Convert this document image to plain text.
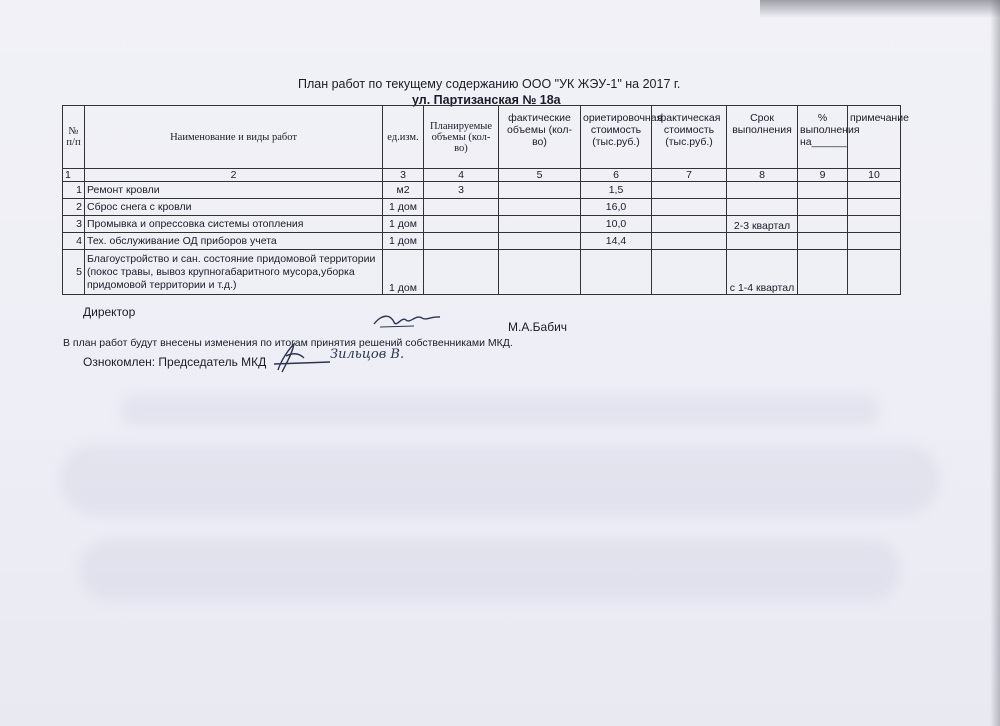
План работ по текущему содержанию ООО "УК ЖЭУ-1" на 2017 г.
ул. Партизанская № 18а
№ п/п	Наименование и виды работ	ед.изм.	Планируемые объемы (кол-во)	фактические объемы (кол-во)	ориетировочная стоимость (тыс.руб.)	фактическая стоимость (тыс.руб.)	Срок выполнения	% выполнения на______	примечание
1	2	3	4	5	6	7	8	9	10
1	Ремонт кровли	м2	3		1,5				
2	Сброс снега с кровли	1 дом			16,0				
3	Промывка и опрессовка системы отопления	1 дом			10,0		2-3 квартал		
4	Тех. обслуживание ОД приборов учета	1 дом			14,4				
5	Благоустройство и сан. состояние придомовой территории (покос травы, вывоз крупногабаритного мусора,уборка придомовой территории и т.д.)	1 дом					с 1-4 квартал		
Директор
М.А.Бабич
В план работ будут внесены изменения по итогам принятия решений собственниками МКД.
Ознокомлен: Председатель МКД	Зильцов В.
